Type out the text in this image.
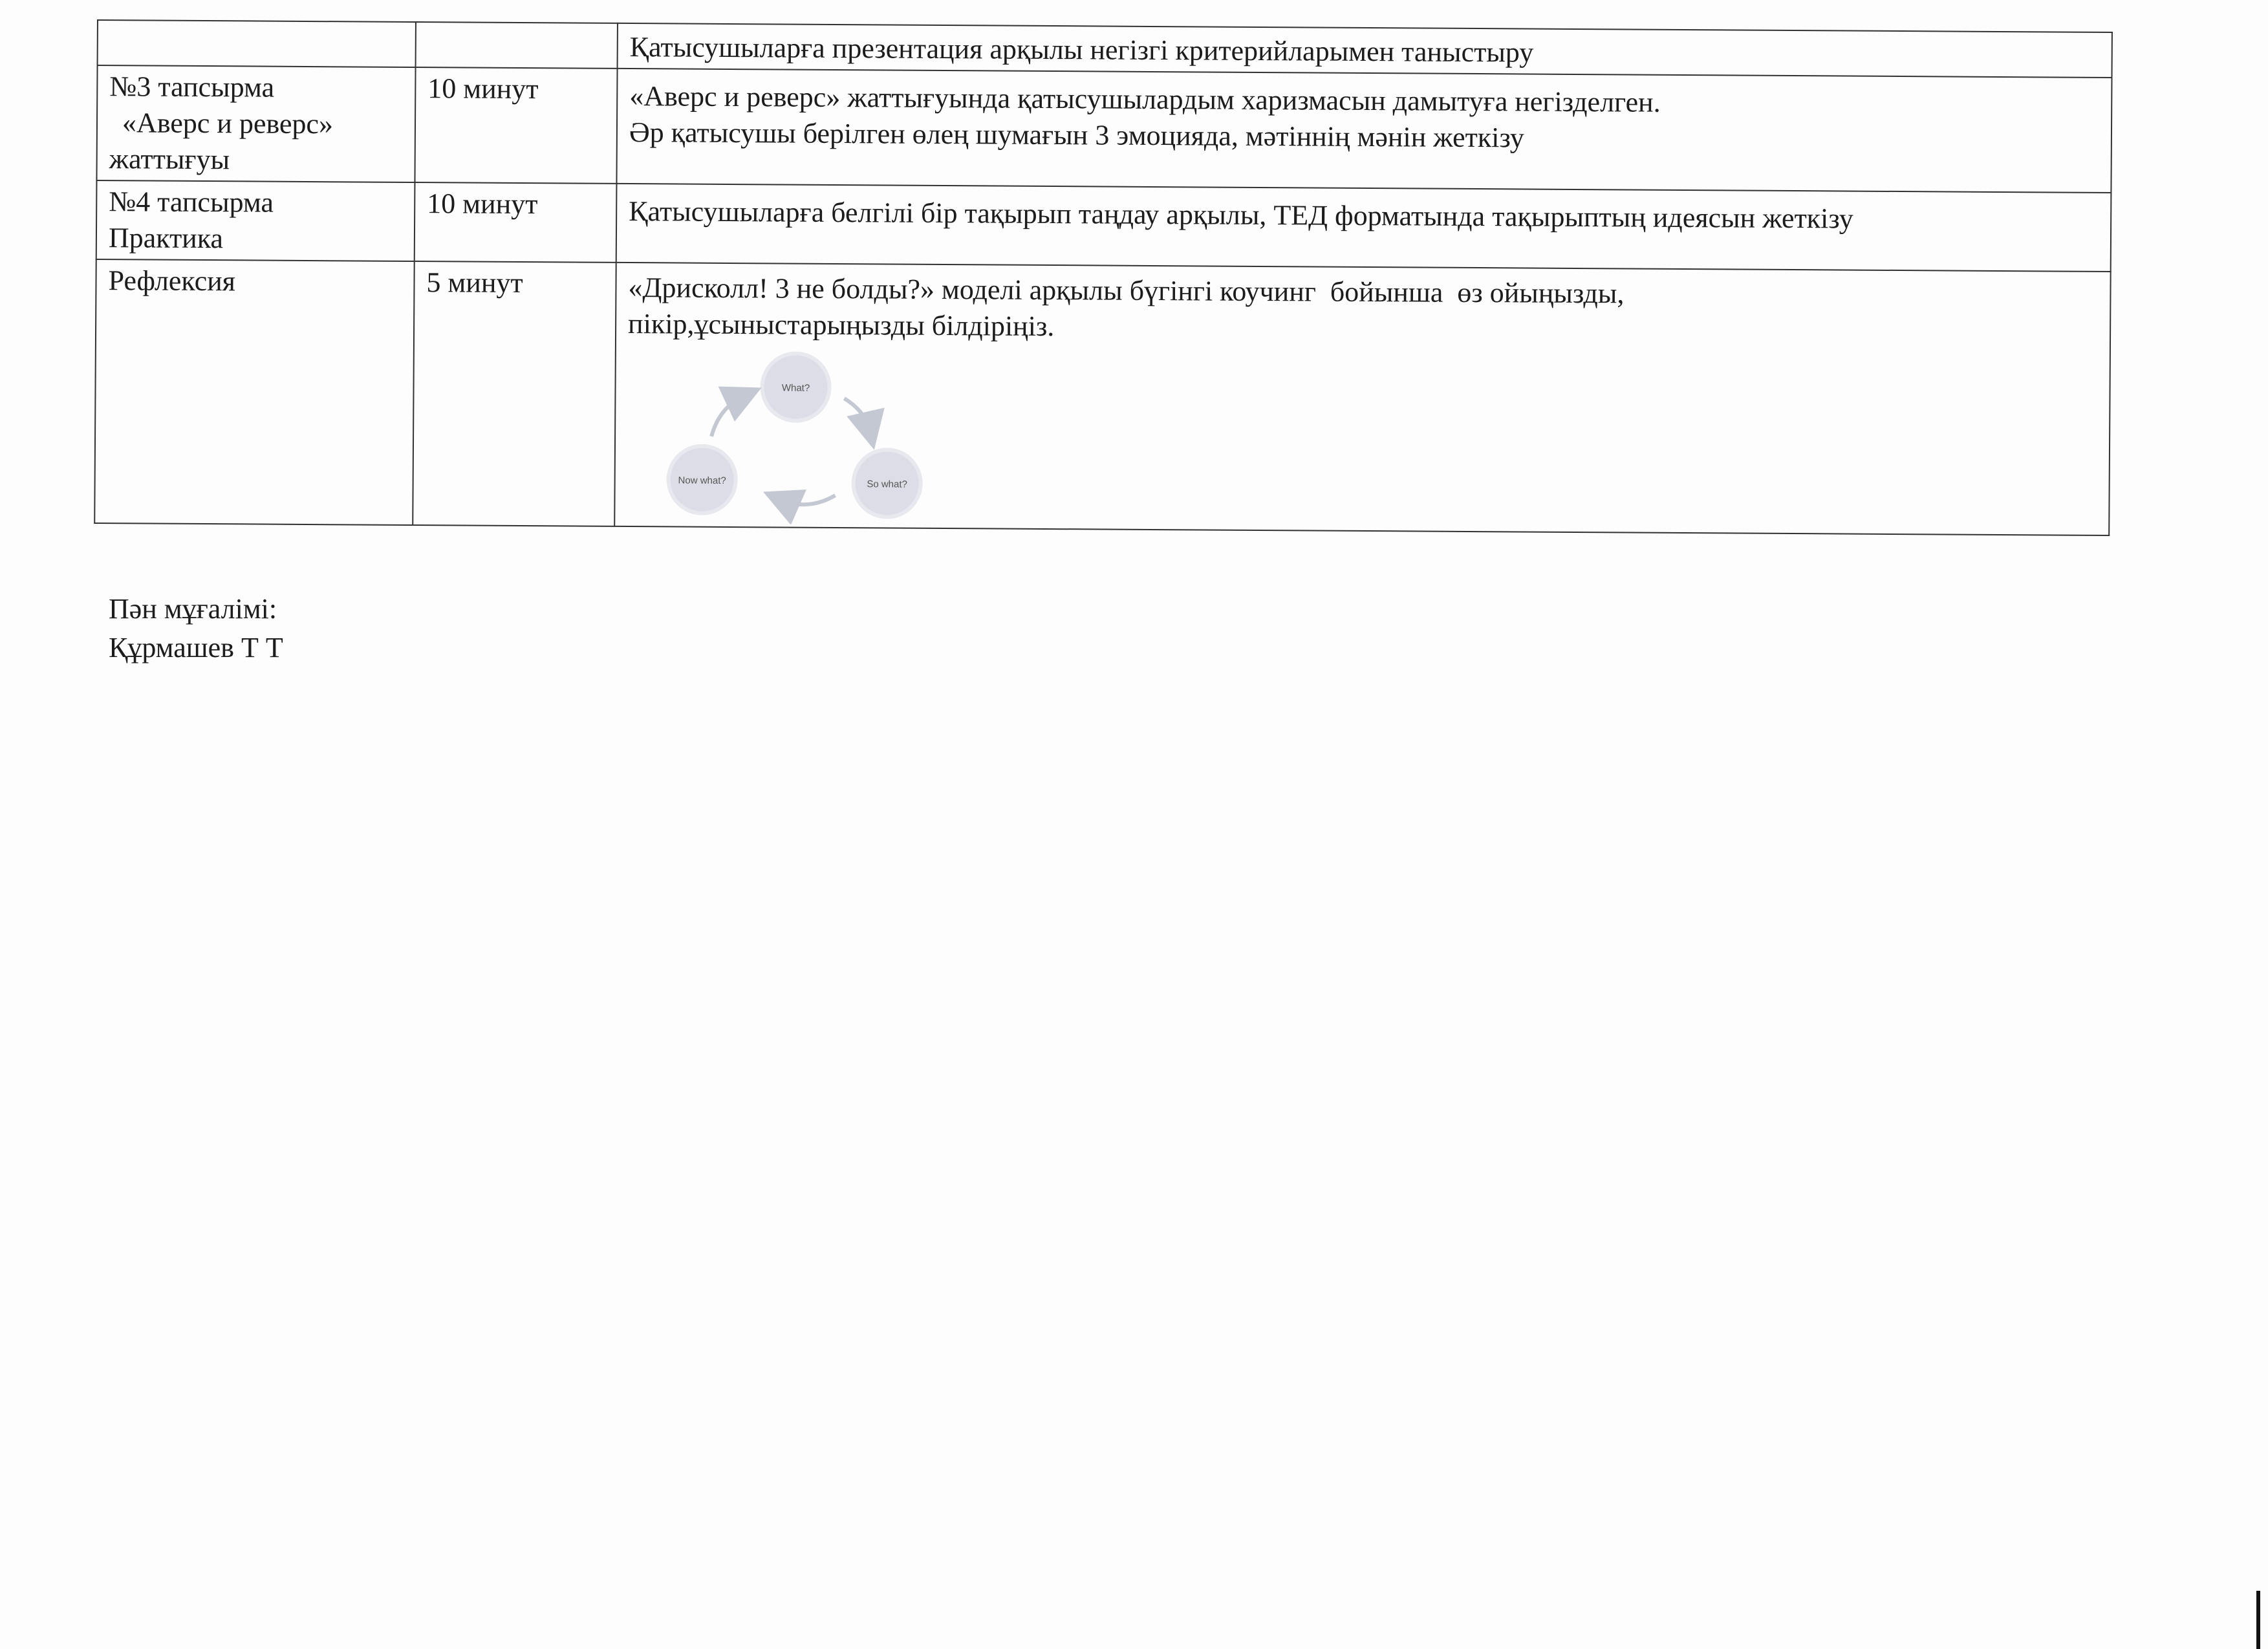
		Қатысушыларға презентация арқылы негізгі критерийларымен таныстыру

№3 тапсырма
«Аверс и реверс»
жаттығуы	10 минут	«Аверс и реверс» жаттығуында қатысушылардым харизмасын дамытуға негізделген.
Әр қатысушы берілген өлең шумағын 3 эмоцияда, мәтіннің мәнін жеткізу

№4 тапсырма
Практика	10 минут	Қатысушыларға белгілі бір тақырып таңдау арқылы, ТЕД форматында тақырыптың идеясын жеткізу

Рефлексия	5 минут	«Дрисколл! 3 не болды?» моделі арқылы бүгінгі коучинг  бойынша  өз ойыңызды,
пікір,ұсыныстарыңызды білдіріңіз.
What?
So what?
Now what?
Пән мұғалімі:
Құрмашев Т Т
